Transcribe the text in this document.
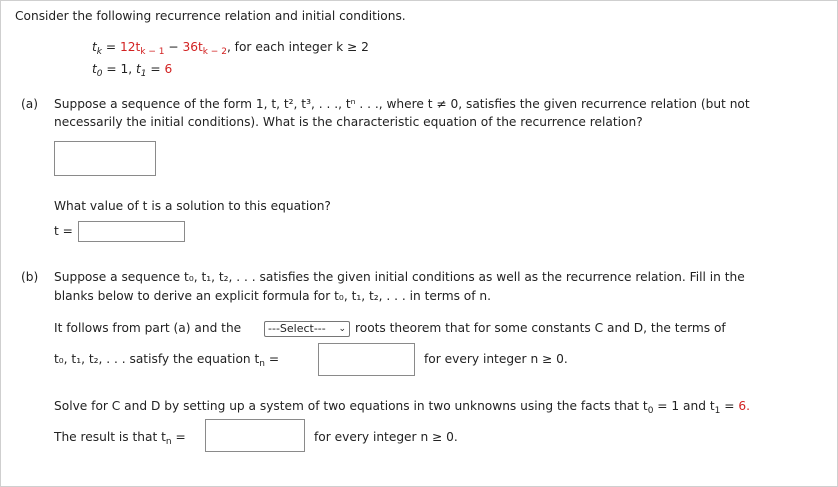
Consider the following recurrence relation and initial conditions.
$t_k = 12t_{k - 1} - 36t_{k - 2}$, for each integer k ≥ 2
$t_0 = 1$, $t_1 = 6$
(a) Suppose a sequence of the form 1, t, t², t³, . . ., tⁿ . . ., where t ≠ 0, satisfies the given recurrence relation (but not
necessarily the initial conditions). What is the characteristic equation of the recurrence relation?
What value of t is a solution to this equation?
t =
(b) Suppose a sequence t₀, t₁, t₂, . . . satisfies the given initial conditions as well as the recurrence relation. Fill in the
blanks below to derive an explicit formula for t₀, t₁, t₂, . . . in terms of n.
It follows from part (a) and the	---Select--- ⌄ roots theorem that for some constants C and D, the terms of
t₀, t₁, t₂, . . . satisfy the equation $t_n$ =	for every integer n ≥ 0.
Solve for C and D by setting up a system of two equations in two unknowns using the facts that $t_0 = 1$ and $t_1 = 6$.
The result is that $t_n$ =	for every integer n ≥ 0.
